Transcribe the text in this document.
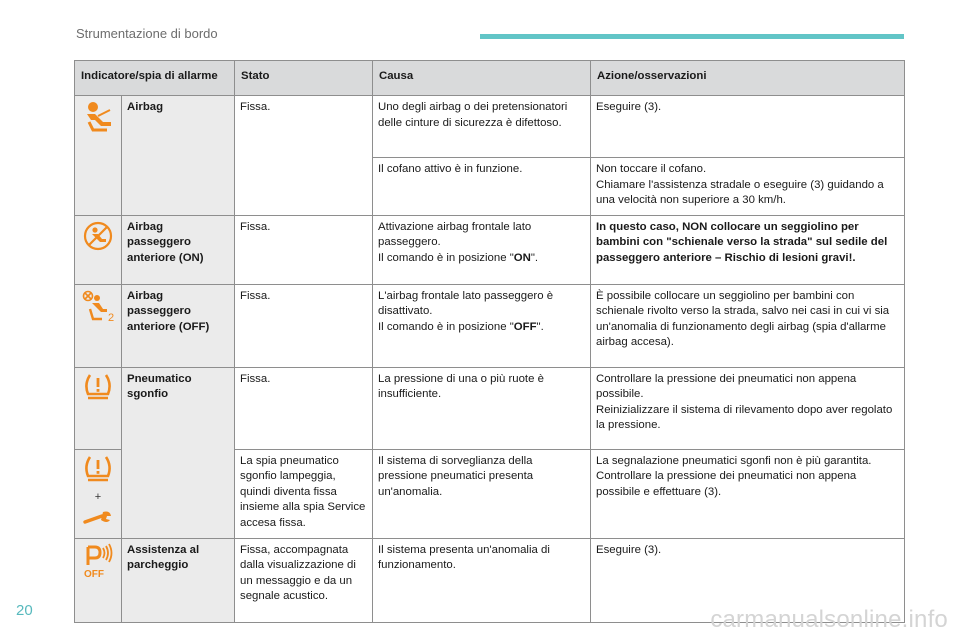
Strumentazione di bordo
Indicatore/spia di allarme		Stato	Causa	Azione/osservazioni

	Airbag	Fissa.	Uno degli airbag o dei pretensionatori delle cinture di sicurezza è difettoso.	Eseguire (3).
			Il cofano attivo è in funzione.	Non toccare il cofano.
Chiamare l'assistenza stradale o eseguire (3) guidando a una velocità non superiore a 30 km/h.

	Airbag passeggero anteriore (ON)	Fissa.	Attivazione airbag frontale lato passeggero.
Il comando è in posizione "ON".	In questo caso, NON collocare un seggiolino per bambini con "schienale verso la strada" sul sedile del passeggero anteriore – Rischio di lesioni gravi!.

2	Airbag passeggero anteriore (OFF)	Fissa.	L'airbag frontale lato passeggero è disattivato.
Il comando è in posizione "OFF".	È possibile collocare un seggiolino per bambini con schienale rivolto verso la strada, salvo nei casi in cui vi sia un'anomalia di funzionamento degli airbag (spia d'allarme airbag accesa).

	Pneumatico sgonfio	Fissa.	La pressione di una o più ruote è insufficiente.	Controllare la pressione dei pneumatici non appena possibile.
Reinizializzare il sistema di rilevamento dopo aver regolato la pressione.

+		La spia pneumatico sgonfio lampeggia, quindi diventa fissa insieme alla spia Service accesa fissa.	Il sistema di sorveglianza della pressione pneumatici presenta un'anomalia.	La segnalazione pneumatici sgonfi non è più garantita.
Controllare la pressione dei pneumatici non appena possibile e effettuare (3).

OFF	Assistenza al parcheggio	Fissa, accompagnata dalla visualizzazione di un messaggio e da un segnale acustico.	Il sistema presenta un'anomalia di funzionamento.	Eseguire (3).
20	carmanualsonline.info
